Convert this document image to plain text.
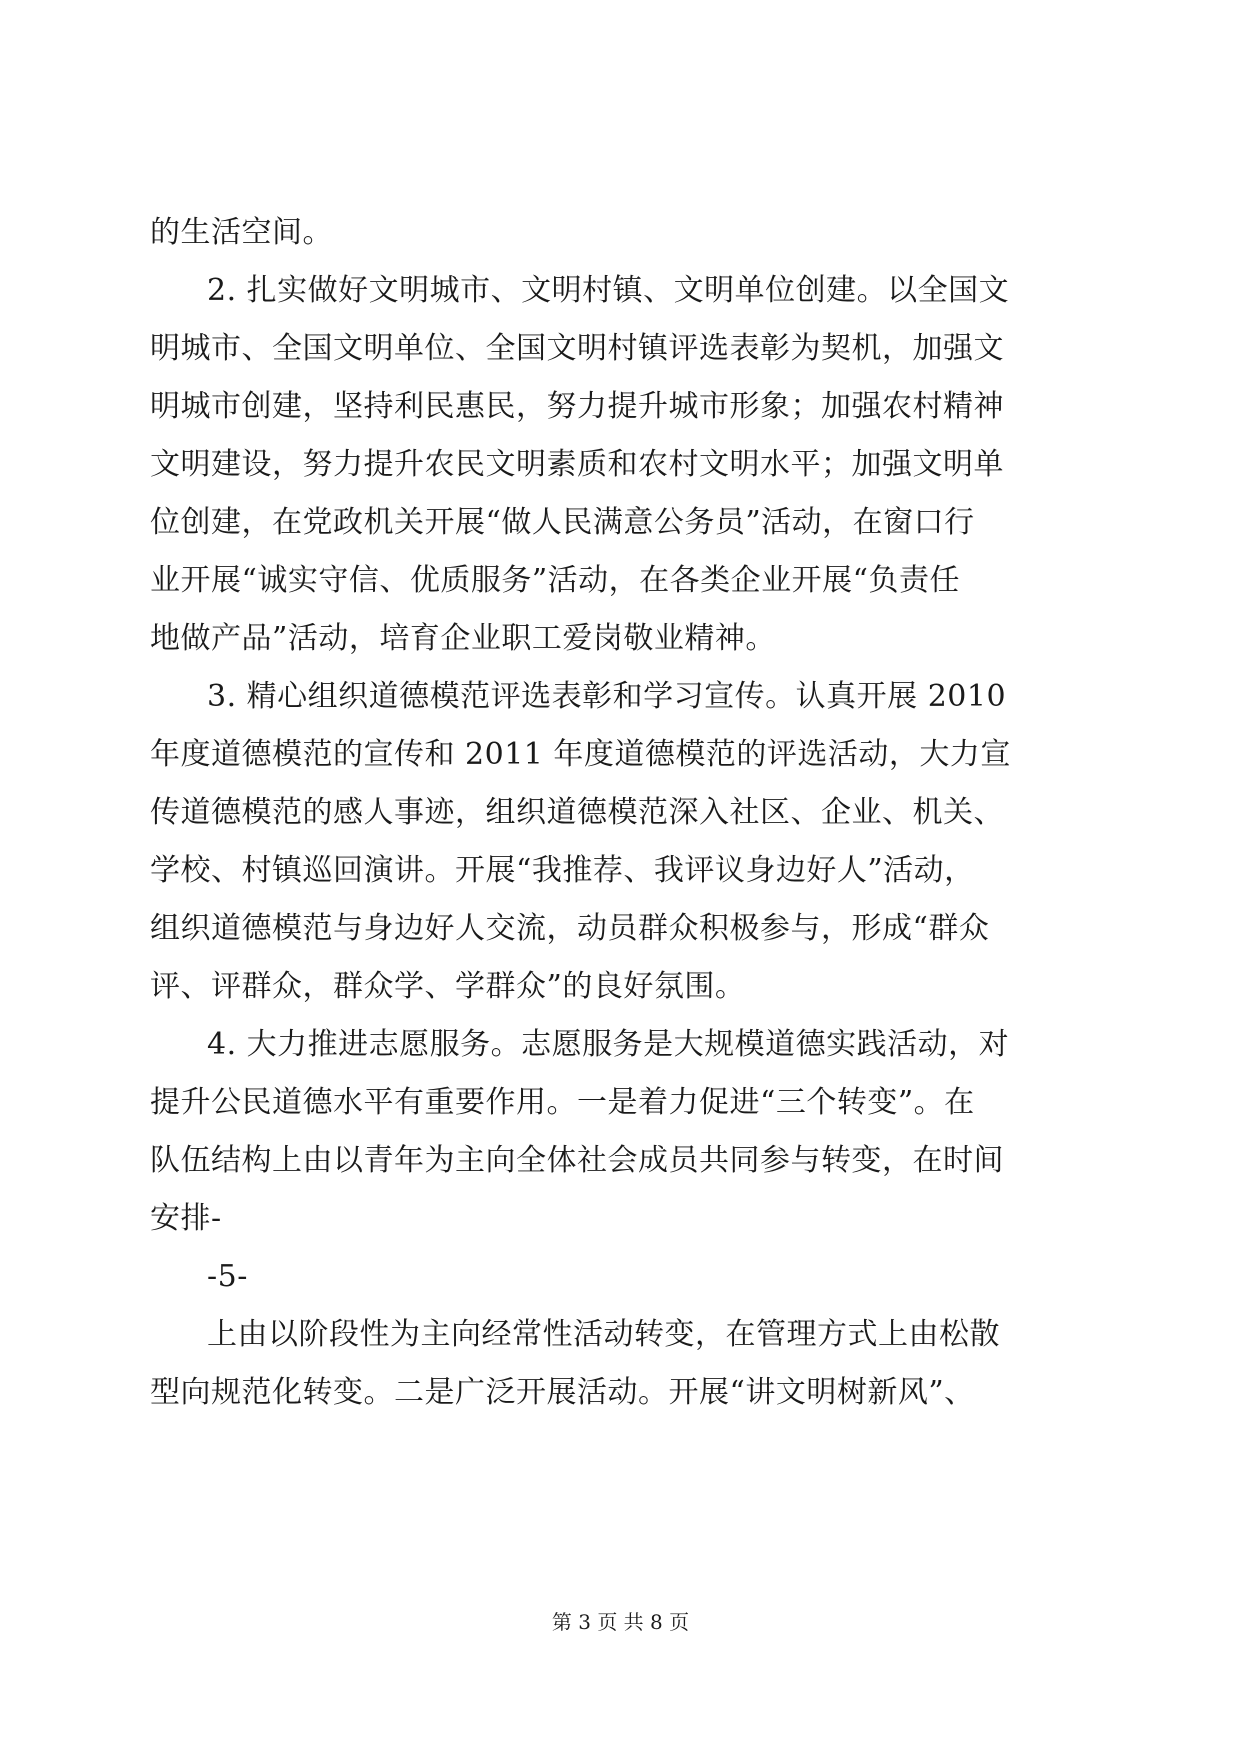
的生活空间。
2. 扎实做好文明城市、文明村镇、文明单位创建。以全国文
明城市、全国文明单位、全国文明村镇评选表彰为契机，加强文
明城市创建，坚持利民惠民，努力提升城市形象；加强农村精神
文明建设，努力提升农民文明素质和农村文明水平；加强文明单
位创建，在党政机关开展“做人民满意公务员”活动，在窗口行
业开展“诚实守信、优质服务”活动，在各类企业开展“负责任
地做产品”活动，培育企业职工爱岗敬业精神。
3. 精心组织道德模范评选表彰和学习宣传。认真开展 2010
年度道德模范的宣传和 2011 年度道德模范的评选活动，大力宣
传道德模范的感人事迹，组织道德模范深入社区、企业、机关、
学校、村镇巡回演讲。开展“我推荐、我评议身边好人”活动，
组织道德模范与身边好人交流，动员群众积极参与，形成“群众
评、评群众，群众学、学群众”的良好氛围。
4. 大力推进志愿服务。志愿服务是大规模道德实践活动，对
提升公民道德水平有重要作用。一是着力促进“三个转变”。在
队伍结构上由以青年为主向全体社会成员共同参与转变，在时间
安排-
-5-
上由以阶段性为主向经常性活动转变，在管理方式上由松散
型向规范化转变。二是广泛开展活动。开展“讲文明树新风”、
第 3 页 共 8 页
